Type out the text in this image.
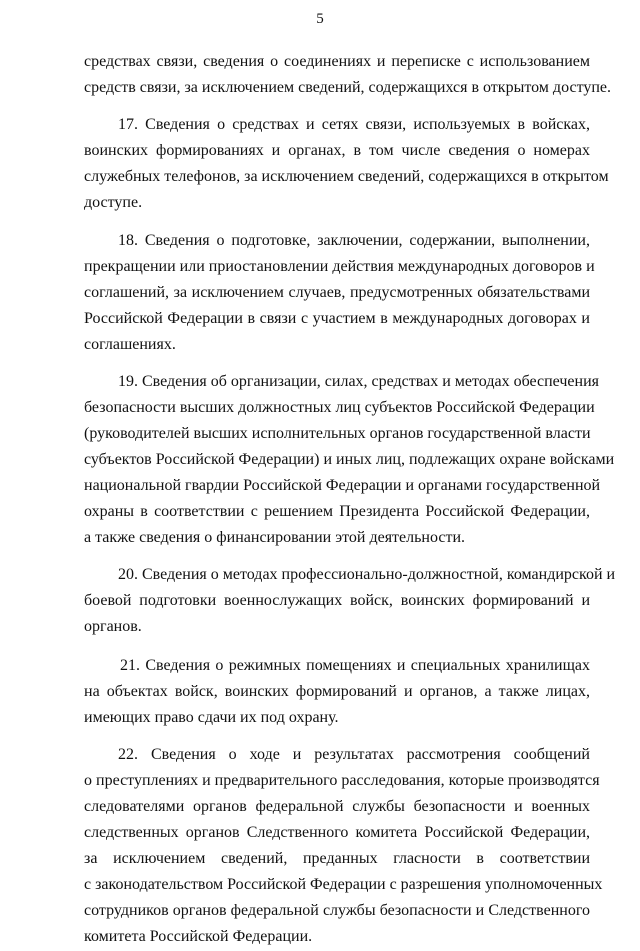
5
средствах связи, сведения о соединениях и переписке с использованием
средств связи, за исключением сведений, содержащихся в открытом доступе.
17. Сведения о средствах и сетях связи, используемых в войсках,
воинских формированиях и органах, в том числе сведения о номерах
служебных телефонов, за исключением сведений, содержащихся в открытом
доступе.
18. Сведения о подготовке, заключении, содержании, выполнении,
прекращении или приостановлении действия международных договоров и
соглашений, за исключением случаев, предусмотренных обязательствами
Российской Федерации в связи с участием в международных договорах и
соглашениях.
19. Сведения об организации, силах, средствах и методах обеспечения
безопасности высших должностных лиц субъектов Российской Федерации
(руководителей высших исполнительных органов государственной власти
субъектов Российской Федерации) и иных лиц, подлежащих охране войсками
национальной гвардии Российской Федерации и органами государственной
охраны в соответствии с решением Президента Российской Федерации,
а также сведения о финансировании этой деятельности.
20. Сведения о методах профессионально-должностной, командирской и
боевой подготовки военнослужащих войск, воинских формирований и
органов.
21. Сведения о режимных помещениях и специальных хранилищах
на объектах войск, воинских формирований и органов, а также лицах,
имеющих право сдачи их под охрану.
22. Сведения о ходе и результатах рассмотрения сообщений
о преступлениях и предварительного расследования, которые производятся
следователями органов федеральной службы безопасности и военных
следственных органов Следственного комитета Российской Федерации,
за исключением сведений, преданных гласности в соответствии
с законодательством Российской Федерации с разрешения уполномоченных
сотрудников органов федеральной службы безопасности и Следственного
комитета Российской Федерации.
